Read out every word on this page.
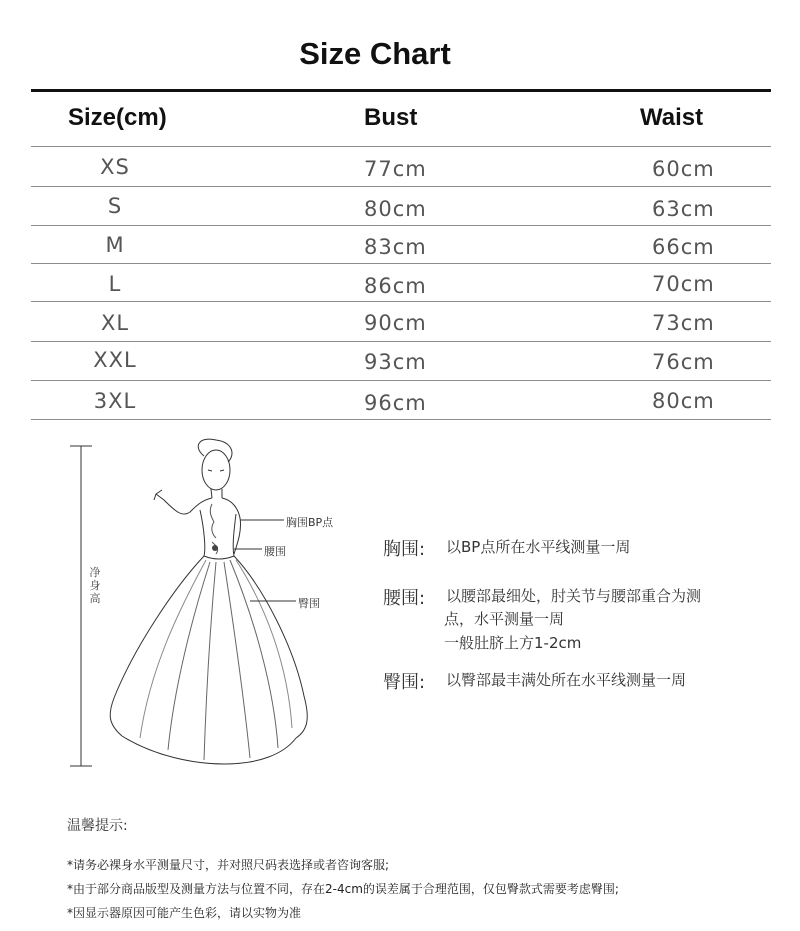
Size Chart
Size(cm)	Bust	Waist
XS	77cm	60cm
S	80cm	63cm
M	83cm	66cm
L	86cm	70cm
XL	90cm	73cm
XXL	93cm	76cm
3XL	96cm	80cm
净身高
胸围BP点
腰围
臀围
胸围: 以BP点所在水平线测量一周
腰围: 以腰部最细处，肘关节与腰部重合为测
点，水平测量一周
一般肚脐上方1-2cm
臀围: 以臀部最丰满处所在水平线测量一周
温馨提示:
*请务必裸身水平测量尺寸，并对照尺码表选择或者咨询客服;
*由于部分商品版型及测量方法与位置不同，存在2-4cm的误差属于合理范围，仅包臀款式需要考虑臀围;
*因显示器原因可能产生色彩，请以实物为准
